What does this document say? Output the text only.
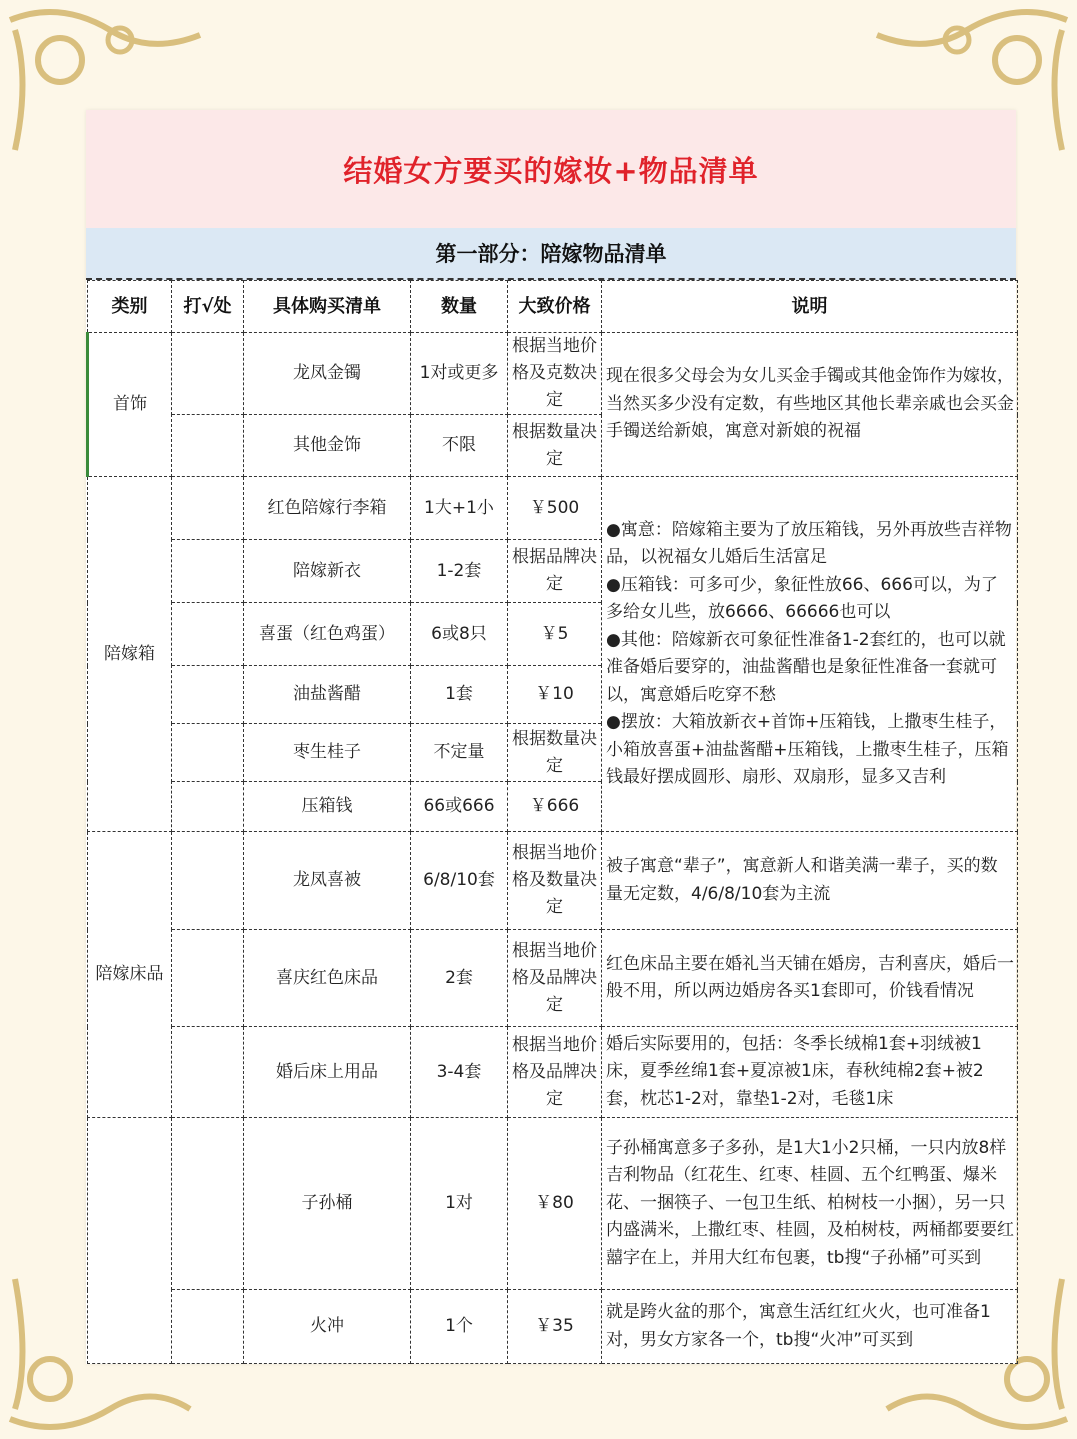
结婚女方要买的嫁妆+物品清单
第一部分：陪嫁物品清单
类别	打√处	具体购买清单	数量	大致价格	说明
首饰		龙凤金镯	1对或更多	根据当地价格及克数决定	现在很多父母会为女儿买金手镯或其他金饰作为嫁妆，当然买多少没有定数，有些地区其他长辈亲戚也会买金手镯送给新娘，寓意对新娘的祝福
		其他金饰	不限	根据数量决定	
陪嫁箱		红色陪嫁行李箱	1大+1小	￥500	●寓意：陪嫁箱主要为了放压箱钱，另外再放些吉祥物品，以祝福女儿婚后生活富足
●压箱钱：可多可少，象征性放66、666可以，为了多给女儿些，放6666、66666也可以
●其他：陪嫁新衣可象征性准备1-2套红的，也可以就准备婚后要穿的，油盐酱醋也是象征性准备一套就可以，寓意婚后吃穿不愁
●摆放：大箱放新衣+首饰+压箱钱，上撒枣生桂子，小箱放喜蛋+油盐酱醋+压箱钱，上撒枣生桂子，压箱钱最好摆成圆形、扇形、双扇形，显多又吉利

		陪嫁新衣	1-2套	根据品牌决定	
		喜蛋（红色鸡蛋）	6或8只	￥5	
		油盐酱醋	1套	￥10	
		枣生桂子	不定量	根据数量决定	
		压箱钱	66或666	￥666	
陪嫁床品		龙凤喜被	6/8/10套	根据当地价格及数量决定	被子寓意“辈子”，寓意新人和谐美满一辈子，买的数量无定数，4/6/8/10套为主流
		喜庆红色床品	2套	根据当地价格及品牌决定	红色床品主要在婚礼当天铺在婚房，吉利喜庆，婚后一般不用，所以两边婚房各买1套即可，价钱看情况
		婚后床上用品	3-4套	根据当地价格及品牌决定	婚后实际要用的，包括：冬季长绒棉1套+羽绒被1床，夏季丝绵1套+夏凉被1床，春秋纯棉2套+被2套，枕芯1-2对，靠垫1-2对，毛毯1床
		子孙桶	1对	￥80	子孙桶寓意多子多孙，是1大1小2只桶，一只内放8样吉利物品（红花生、红枣、桂圆、五个红鸭蛋、爆米花、一捆筷子、一包卫生纸、柏树枝一小捆），另一只内盛满米，上撒红枣、桂圆，及柏树枝，两桶都要要红囍字在上，并用大红布包裹，tb搜“子孙桶”可买到
		火冲	1个	￥35	就是跨火盆的那个，寓意生活红红火火，也可准备1对，男女方家各一个，tb搜“火冲”可买到
